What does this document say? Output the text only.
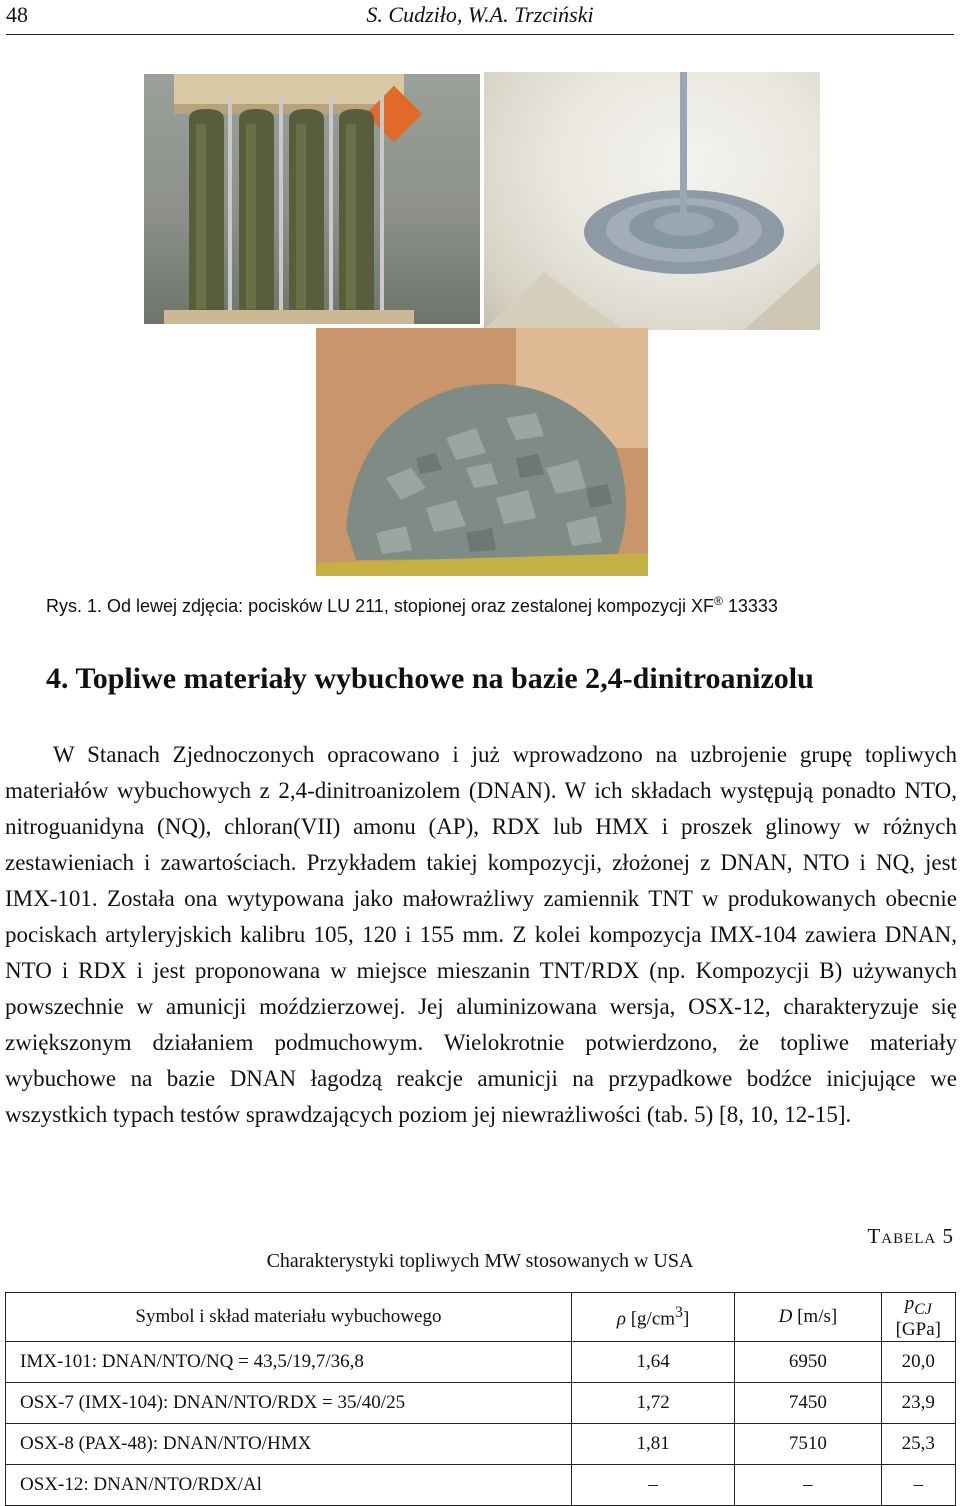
48	S. Cudziło, W.A. Trzciński
Rys. 1. Od lewej zdjęcia: pocisków LU 211, stopionej oraz zestalonej kompozycji XF® 13333
4. Topliwe materiały wybuchowe na bazie 2,4-dinitroanizolu

W Stanach Zjednoczonych opracowano i już wprowadzono na uzbrojenie grupę topliwych materiałów wybuchowych z 2,4-dinitroanizolem (DNAN). W ich składach występują ponadto NTO, nitroguanidyna (NQ), chloran(VII) amonu (AP), RDX lub HMX i proszek glinowy w różnych zestawieniach i zawartościach. Przykładem takiej kompozycji, złożonej z DNAN, NTO i NQ, jest IMX-101. Została ona wytypowana jako małowrażliwy zamiennik TNT w produkowanych obecnie pociskach artyleryjskich kalibru 105, 120 i 155 mm. Z kolei kompozycja IMX-104 zawiera DNAN, NTO i RDX i jest proponowana w miejsce mieszanin TNT/RDX (np. Kompozycji B) używanych powszechnie w amunicji moździerzowej. Jej aluminizowana wersja, OSX-12, charakteryzuje się zwiększonym działaniem podmuchowym. Wielokrotnie potwierdzono, że topliwe materiały wybuchowe na bazie DNAN łagodzą reakcje amunicji na przypadkowe bodźce inicjujące we wszystkich typach testów sprawdzających poziom jej niewrażliwości (tab. 5) [8, 10, 12-15].

Tabela 5
Charakterystyki topliwych MW stosowanych w USA
Symbol i skład materiału wybuchowego	ρ $[g/cm^3]$	D [m/s]	$p_{CJ}$ [GPa]
IMX-101: DNAN/NTO/NQ = 43,5/19,7/36,8	1,64	6950	20,0
OSX-7 (IMX-104): DNAN/NTO/RDX = 35/40/25	1,72	7450	23,9
OSX-8 (PAX-48): DNAN/NTO/HMX	1,81	7510	25,3
OSX-12: DNAN/NTO/RDX/Al	–	–	–
